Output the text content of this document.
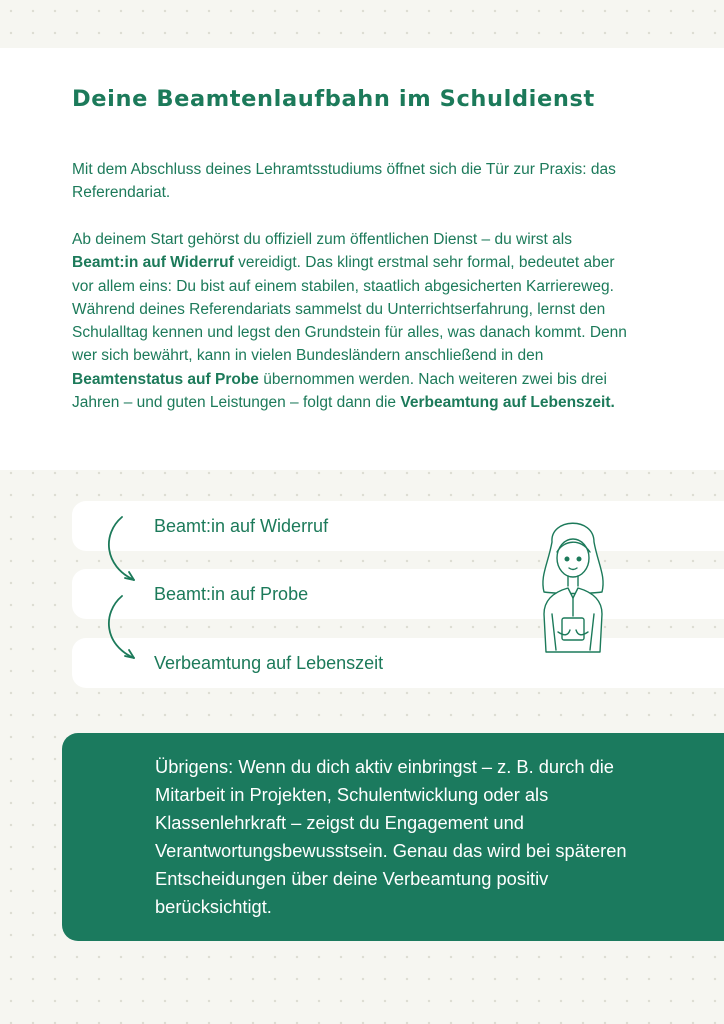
Deine Beamtenlaufbahn im Schuldienst

Mit dem Abschluss deines Lehramtsstudiums öffnet sich die Tür zur Praxis: das Referendariat.

Ab deinem Start gehörst du offiziell zum öffentlichen Dienst – du wirst als Beamt:in auf Widerruf vereidigt. Das klingt erstmal sehr formal, bedeutet aber vor allem eins: Du bist auf einem stabilen, staatlich abgesicherten Karriereweg. Während deines Referendariats sammelst du Unterrichtserfahrung, lernst den Schulalltag kennen und legst den Grundstein für alles, was danach kommt. Denn wer sich bewährt, kann in vielen Bundesländern anschließend in den Beamtenstatus auf Probe übernommen werden. Nach weiteren zwei bis drei Jahren – und guten Leistungen – folgt dann die Verbeamtung auf Lebenszeit.

Beamt:in auf Widerruf
Beamt:in auf Probe
Verbeamtung auf Lebenszeit

Übrigens: Wenn du dich aktiv einbringst – z. B. durch die Mitarbeit in Projekten, Schulentwicklung oder als Klassenlehrkraft – zeigst du Engagement und Verantwortungsbewusstsein. Genau das wird bei späteren Entscheidungen über deine Verbeamtung positiv berücksichtigt.
